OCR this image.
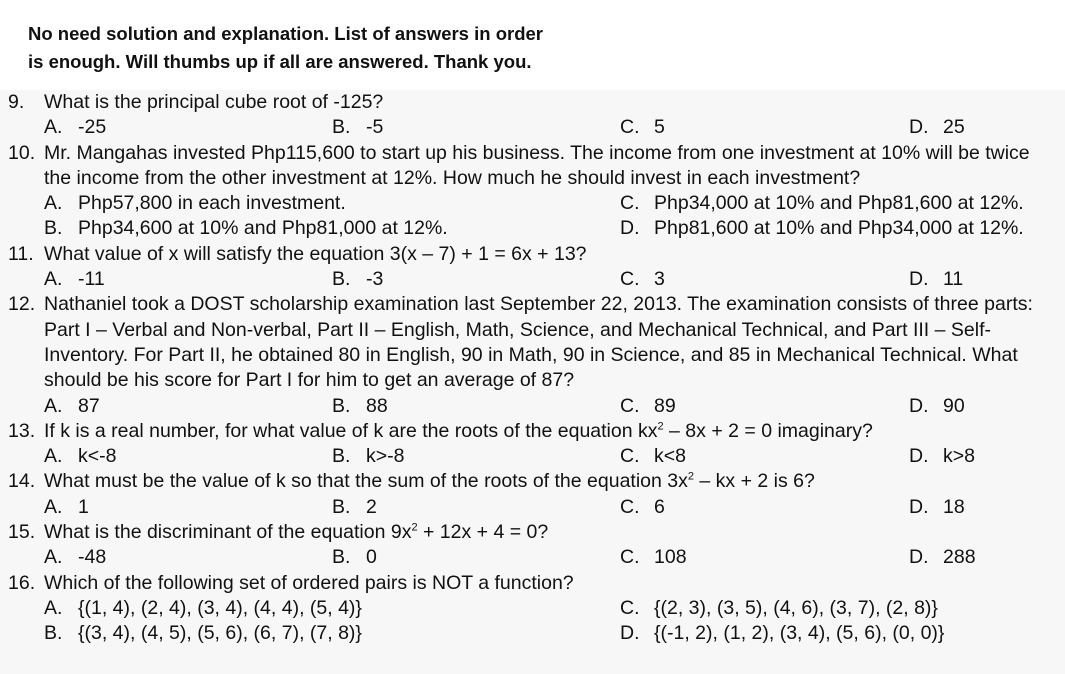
No need solution and explanation. List of answers in order
is enough. Will thumbs up if all are answered. Thank you.
9. What is the principal cube root of -125?
A. -25	B. -5	C. 5	D. 25
10. Mr. Mangahas invested Php115,600 to start up his business. The income from one investment at 10% will be twice the income from the other investment at 12%. How much he should invest in each investment?
A. Php57,800 in each investment.	C. Php34,000 at 10% and Php81,600 at 12%.
B. Php34,600 at 10% and Php81,000 at 12%.	D. Php81,600 at 10% and Php34,000 at 12%.
11. What value of x will satisfy the equation 3(x – 7) + 1 = 6x + 13?
A. -11	B. -3	C. 3	D. 11
12. Nathaniel took a DOST scholarship examination last September 22, 2013. The examination consists of three parts: Part I – Verbal and Non-verbal, Part II – English, Math, Science, and Mechanical Technical, and Part III – Self-Inventory. For Part II, he obtained 80 in English, 90 in Math, 90 in Science, and 85 in Mechanical Technical. What should be his score for Part I for him to get an average of 87?
A. 87	B. 88	C. 89	D. 90
13. If k is a real number, for what value of k are the roots of the equation $kx^2 - 8x + 2 = 0$ imaginary?
A. k<-8	B. k>-8	C. k<8	D. k>8
14. What must be the value of k so that the sum of the roots of the equation $3x^2$ – kx + 2 is 6?
A. 1	B. 2	C. 6	D. 18
15. What is the discriminant of the equation $9x^2 + 12x + 4 = 0$?
A. -48	B. 0	C. 108	D. 288
16. Which of the following set of ordered pairs is NOT a function?
A. {(1, 4), (2, 4), (3, 4), (4, 4), (5, 4)}	C. {(2, 3), (3, 5), (4, 6), (3, 7), (2, 8)}
B. {(3, 4), (4, 5), (5, 6), (6, 7), (7, 8)}	D. {(-1, 2), (1, 2), (3, 4), (5, 6), (0, 0)}
